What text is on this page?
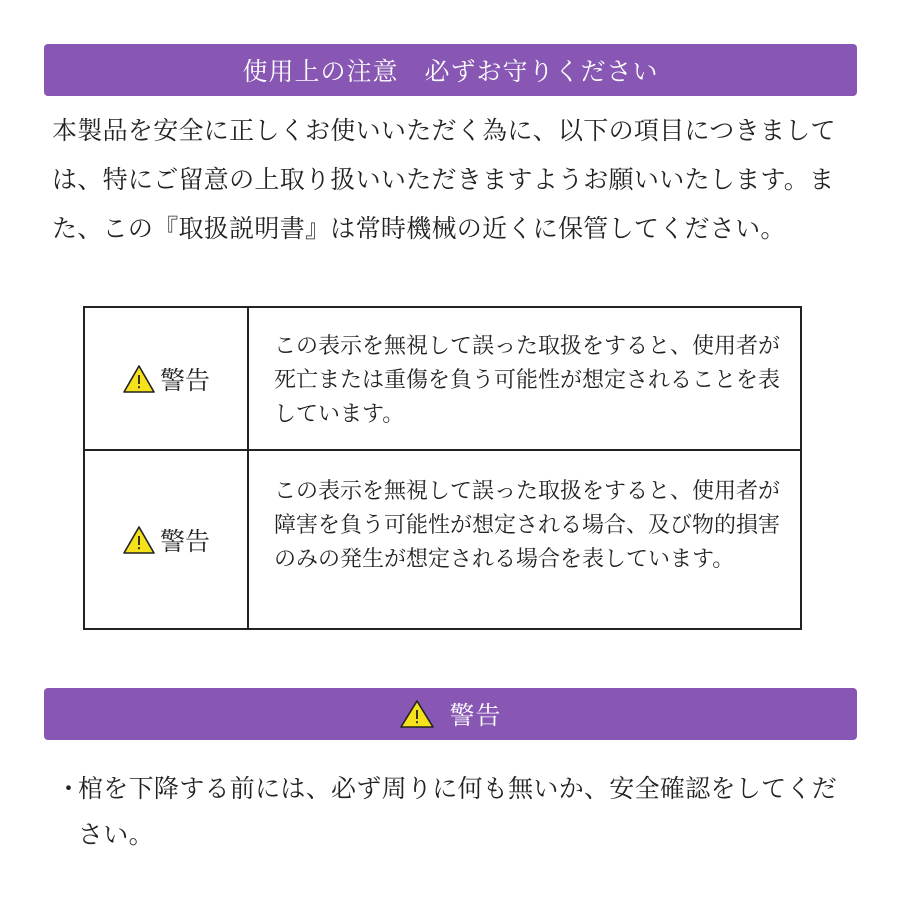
使用上の注意　必ずお守りください
本製品を安全に正しくお使いいただく為に、以下の項目につきましては、特にご留意の上取り扱いいただきますようお願いいたします。また、この『取扱説明書』は常時機械の近くに保管してください。
警告
この表示を無視して誤った取扱をすると、使用者が死亡または重傷を負う可能性が想定されることを表しています。
警告
この表示を無視して誤った取扱をすると、使用者が障害を負う可能性が想定される場合、及び物的損害のみの発生が想定される場合を表しています。
警告
・
棺を下降する前には、必ず周りに何も無いか、安全確認をしてください。
